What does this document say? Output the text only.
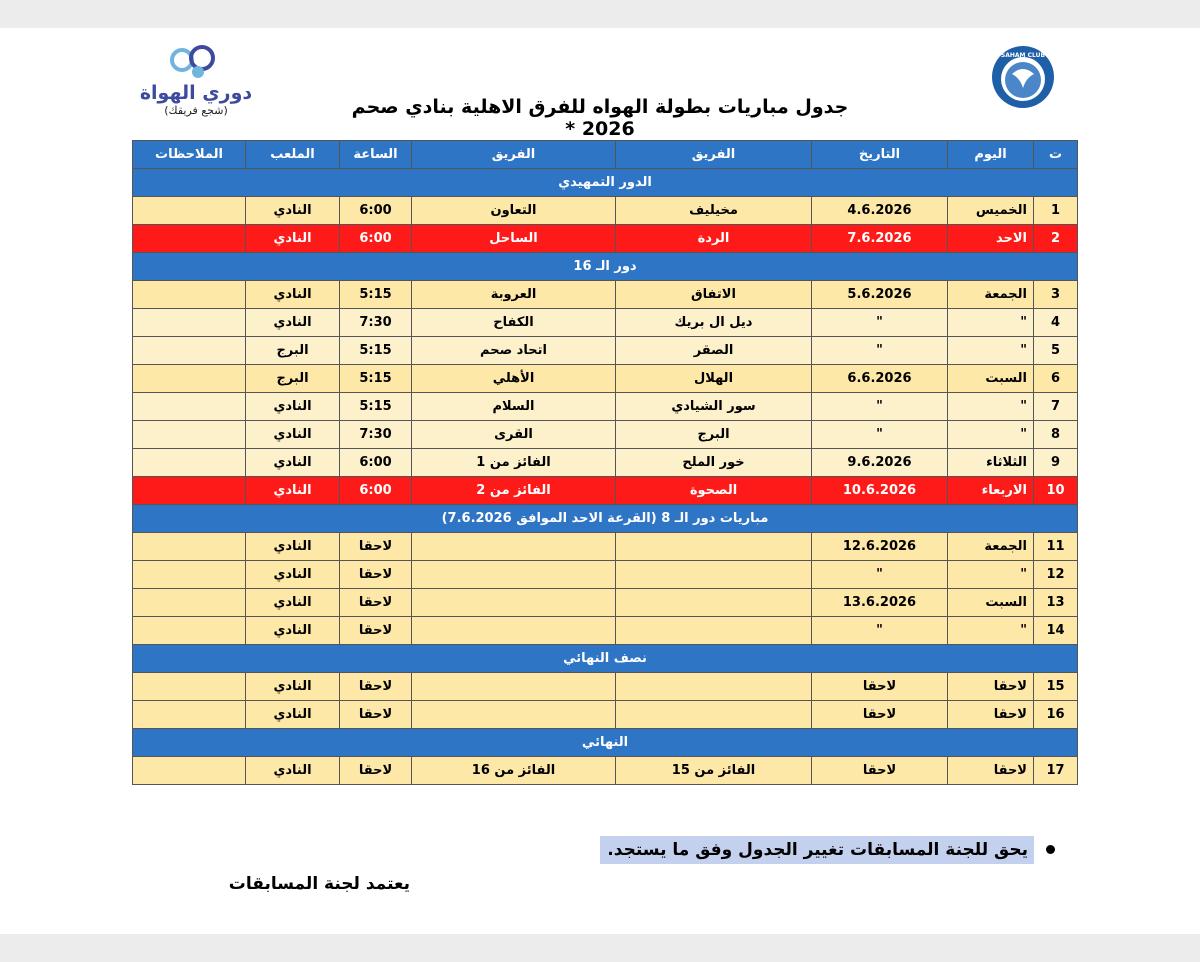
SAHAM CLUB
دوري الهواة
(شجع فريقك)	جدول مباريات بطولة الهواه للفرق الاهلية بنادي صحم 2026 *
ت	اليوم	التاريخ	الفريق	الفريق	الساعة	الملعب	الملاحظات
الدور التمهيدي							
1	الخميس	4.6.2026	مخيليف	التعاون	6:00	النادي	
2	الاحد	7.6.2026	الردة	الساحل	6:00	النادي	
دور الـ 16							
3	الجمعة	5.6.2026	الاتفاق	العروبة	5:15	النادي	
4	"	"	ديل ال بريك	الكفاح	7:30	النادي	
5	"	"	الصقر	اتحاد صحم	5:15	البرج	
6	السبت	6.6.2026	الهلال	الأهلي	5:15	البرج	
7	"	"	سور الشيادي	السلام	5:15	النادي	
8	"	"	البرج	القرى	7:30	النادي	
9	الثلاثاء	9.6.2026	خور الملح	الفائز من 1	6:00	النادي	
10	الاربعاء	10.6.2026	الصحوة	الفائز من 2	6:00	النادي	
مباريات دور الـ 8 (القرعة الاحد الموافق 7.6.2026)							
11	الجمعة	12.6.2026			لاحقا	النادي	
12	"	"			لاحقا	النادي	
13	السبت	13.6.2026			لاحقا	النادي	
14	"	"			لاحقا	النادي	
نصف النهائي							
15	لاحقا	لاحقا			لاحقا	النادي	
16	لاحقا	لاحقا			لاحقا	النادي	
النهائي							
17	لاحقا	لاحقا	الفائز من 15	الفائز من 16	لاحقا	النادي	
يحق للجنة المسابقات تغيير الجدول وفق ما يستجد.
يعتمد لجنة المسابقات
